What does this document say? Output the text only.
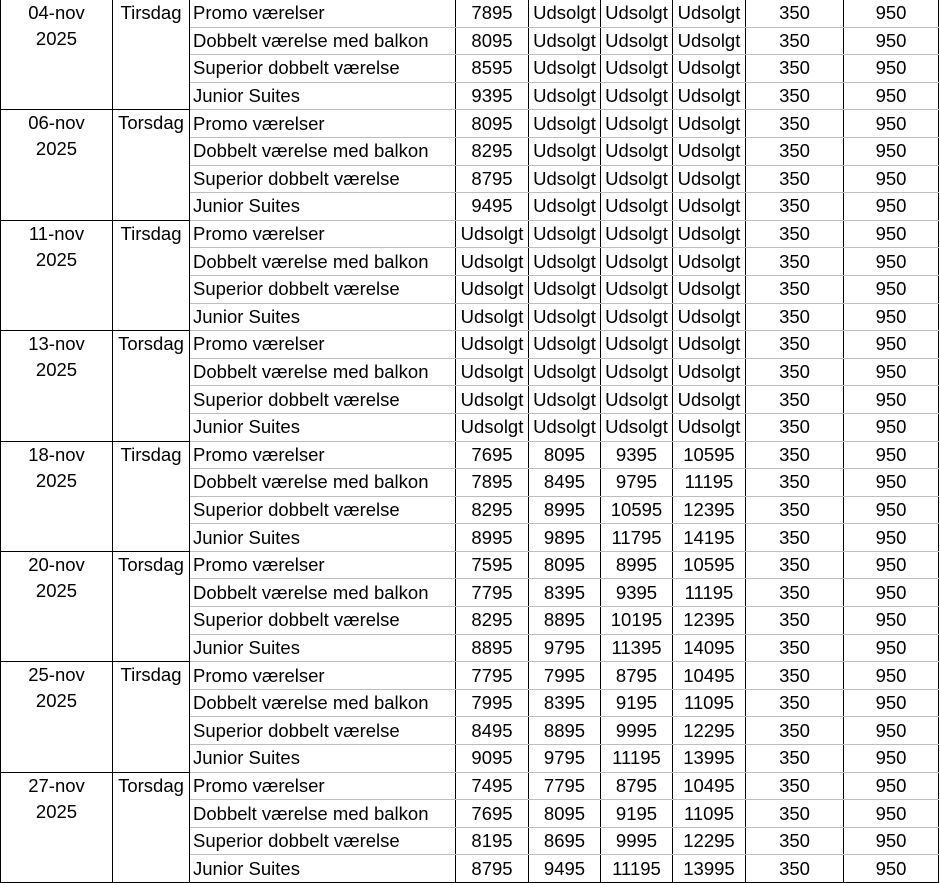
04-nov
2025	Tirsdag	Promo værelser	7895	Udsolgt	Udsolgt	Udsolgt	350	950
		Dobbelt værelse med balkon	8095	Udsolgt	Udsolgt	Udsolgt	350	950
		Superior dobbelt værelse	8595	Udsolgt	Udsolgt	Udsolgt	350	950
		Junior Suites	9395	Udsolgt	Udsolgt	Udsolgt	350	950

06-nov
2025	Torsdag	Promo værelser	8095	Udsolgt	Udsolgt	Udsolgt	350	950
		Dobbelt værelse med balkon	8295	Udsolgt	Udsolgt	Udsolgt	350	950
		Superior dobbelt værelse	8795	Udsolgt	Udsolgt	Udsolgt	350	950
		Junior Suites	9495	Udsolgt	Udsolgt	Udsolgt	350	950

11-nov
2025	Tirsdag	Promo værelser	Udsolgt	Udsolgt	Udsolgt	Udsolgt	350	950
		Dobbelt værelse med balkon	Udsolgt	Udsolgt	Udsolgt	Udsolgt	350	950
		Superior dobbelt værelse	Udsolgt	Udsolgt	Udsolgt	Udsolgt	350	950
		Junior Suites	Udsolgt	Udsolgt	Udsolgt	Udsolgt	350	950

13-nov
2025	Torsdag	Promo værelser	Udsolgt	Udsolgt	Udsolgt	Udsolgt	350	950
		Dobbelt værelse med balkon	Udsolgt	Udsolgt	Udsolgt	Udsolgt	350	950
		Superior dobbelt værelse	Udsolgt	Udsolgt	Udsolgt	Udsolgt	350	950
		Junior Suites	Udsolgt	Udsolgt	Udsolgt	Udsolgt	350	950

18-nov
2025	Tirsdag	Promo værelser	7695	8095	9395	10595	350	950
		Dobbelt værelse med balkon	7895	8495	9795	11195	350	950
		Superior dobbelt værelse	8295	8995	10595	12395	350	950
		Junior Suites	8995	9895	11795	14195	350	950

20-nov
2025	Torsdag	Promo værelser	7595	8095	8995	10595	350	950
		Dobbelt værelse med balkon	7795	8395	9395	11195	350	950
		Superior dobbelt værelse	8295	8895	10195	12395	350	950
		Junior Suites	8895	9795	11395	14095	350	950

25-nov
2025	Tirsdag	Promo værelser	7795	7995	8795	10495	350	950
		Dobbelt værelse med balkon	7995	8395	9195	11095	350	950
		Superior dobbelt værelse	8495	8895	9995	12295	350	950
		Junior Suites	9095	9795	11195	13995	350	950

27-nov
2025	Torsdag	Promo værelser	7495	7795	8795	10495	350	950
		Dobbelt værelse med balkon	7695	8095	9195	11095	350	950
		Superior dobbelt værelse	8195	8695	9995	12295	350	950
		Junior Suites	8795	9495	11195	13995	350	950
